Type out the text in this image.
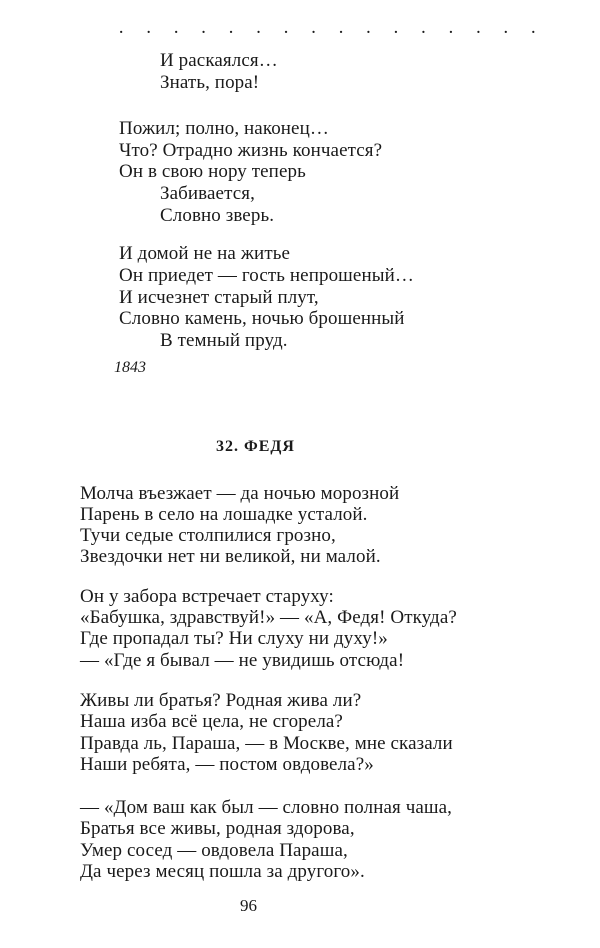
· · · · · · · · · · · · · · · ·
И раскаялся…
Знать, пора!
Пожил; полно, наконец…
Что? Отрадно жизнь кончается?
Он в свою нору теперь
Забивается,
Словно зверь.
И домой не на житье
Он приедет — гость непрошеный…
И исчезнет старый плут,
Словно камень, ночью брошенный
В темный пруд.
1843
32. ФЕДЯ
Молча въезжает — да ночью морозной
Парень в село на лошадке усталой.
Тучи седые столпилися грозно,
Звездочки нет ни великой, ни малой.
Он у забора встречает старуху:
«Бабушка, здравствуй!» — «А, Федя! Откуда?
Где пропадал ты? Ни слуху ни духу!»
— «Где я бывал — не увидишь отсюда!
Живы ли братья? Родная жива ли?
Наша изба всё цела, не сгорела?
Правда ль, Параша, — в Москве, мне сказали
Наши ребята, — постом овдовела?»
— «Дом ваш как был — словно полная чаша,
Братья все живы, родная здорова,
Умер сосед — овдовела Параша,
Да через месяц пошла за другого».
96
